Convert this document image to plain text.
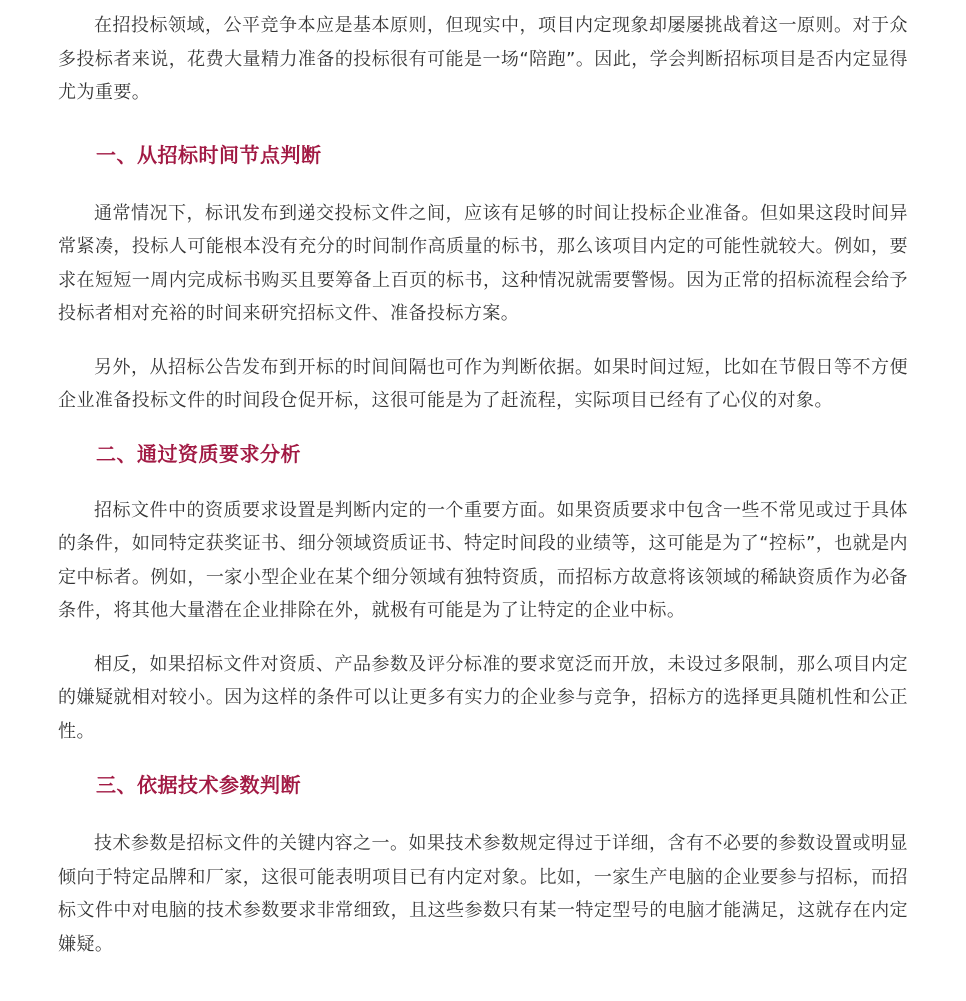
在招投标领域，公平竞争本应是基本原则，但现实中，项目内定现象却屡屡挑战着这一原则。对于众多投标者来说，花费大量精力准备的投标很有可能是一场“陪跑”。因此，学会判断招标项目是否内定显得尤为重要。

一、从招标时间节点判断

通常情况下，标讯发布到递交投标文件之间，应该有足够的时间让投标企业准备。但如果这段时间异常紧凑，投标人可能根本没有充分的时间制作高质量的标书，那么该项目内定的可能性就较大。例如，要求在短短一周内完成标书购买且要筹备上百页的标书，这种情况就需要警惕。因为正常的招标流程会给予投标者相对充裕的时间来研究招标文件、准备投标方案。

另外，从招标公告发布到开标的时间间隔也可作为判断依据。如果时间过短，比如在节假日等不方便企业准备投标文件的时间段仓促开标，这很可能是为了赶流程，实际项目已经有了心仪的对象。

二、通过资质要求分析

招标文件中的资质要求设置是判断内定的一个重要方面。如果资质要求中包含一些不常见或过于具体的条件，如同特定获奖证书、细分领域资质证书、特定时间段的业绩等，这可能是为了“控标”，也就是内定中标者。例如，一家小型企业在某个细分领域有独特资质，而招标方故意将该领域的稀缺资质作为必备条件，将其他大量潜在企业排除在外，就极有可能是为了让特定的企业中标。

相反，如果招标文件对资质、产品参数及评分标准的要求宽泛而开放，未设过多限制，那么项目内定的嫌疑就相对较小。因为这样的条件可以让更多有实力的企业参与竞争，招标方的选择更具随机性和公正性。

三、依据技术参数判断

技术参数是招标文件的关键内容之一。如果技术参数规定得过于详细，含有不必要的参数设置或明显倾向于特定品牌和厂家，这很可能表明项目已有内定对象。比如，一家生产电脑的企业要参与招标，而招标文件中对电脑的技术参数要求非常细致，且这些参数只有某一特定型号的电脑才能满足，这就存在内定嫌疑。
